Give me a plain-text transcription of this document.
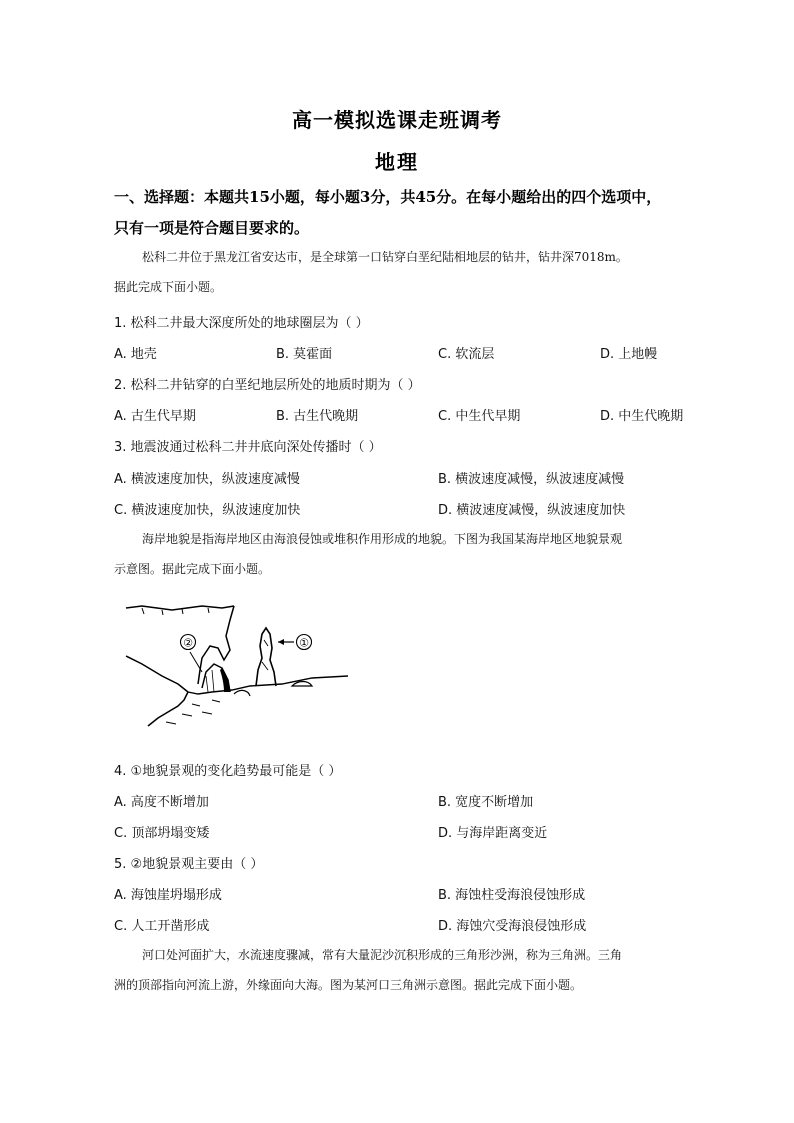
高一模拟选课走班调考
地理
一、选择题：本题共15小题，每小题3分，共45分。在每小题给出的四个选项中，
只有一项是符合题目要求的。
松科二井位于黑龙江省安达市，是全球第一口钻穿白垩纪陆相地层的钻井，钻井深7018m。
据此完成下面小题。
1. 松科二井最大深度所处的地球圈层为（ ）
A. 地壳	B. 莫霍面	C. 软流层	D. 上地幔
2. 松科二井钻穿的白垩纪地层所处的地质时期为（ ）
A. 古生代早期	B. 古生代晚期	C. 中生代早期	D. 中生代晚期
3. 地震波通过松科二井井底向深处传播时（ ）
A. 横波速度加快，纵波速度减慢	B. 横波速度减慢，纵波速度减慢
C. 横波速度加快，纵波速度加快	D. 横波速度减慢，纵波速度加快
海岸地貌是指海岸地区由海浪侵蚀或堆积作用形成的地貌。下图为我国某海岸地区地貌景观
示意图。据此完成下面小题。
②	①
4. ①地貌景观的变化趋势最可能是（ ）
A. 高度不断增加	B. 宽度不断增加
C. 顶部坍塌变矮	D. 与海岸距离变近
5. ②地貌景观主要由（ ）
A. 海蚀崖坍塌形成	B. 海蚀柱受海浪侵蚀形成
C. 人工开凿形成	D. 海蚀穴受海浪侵蚀形成
河口处河面扩大，水流速度骤减，常有大量泥沙沉积形成的三角形沙洲，称为三角洲。三角
洲的顶部指向河流上游，外缘面向大海。图为某河口三角洲示意图。据此完成下面小题。
